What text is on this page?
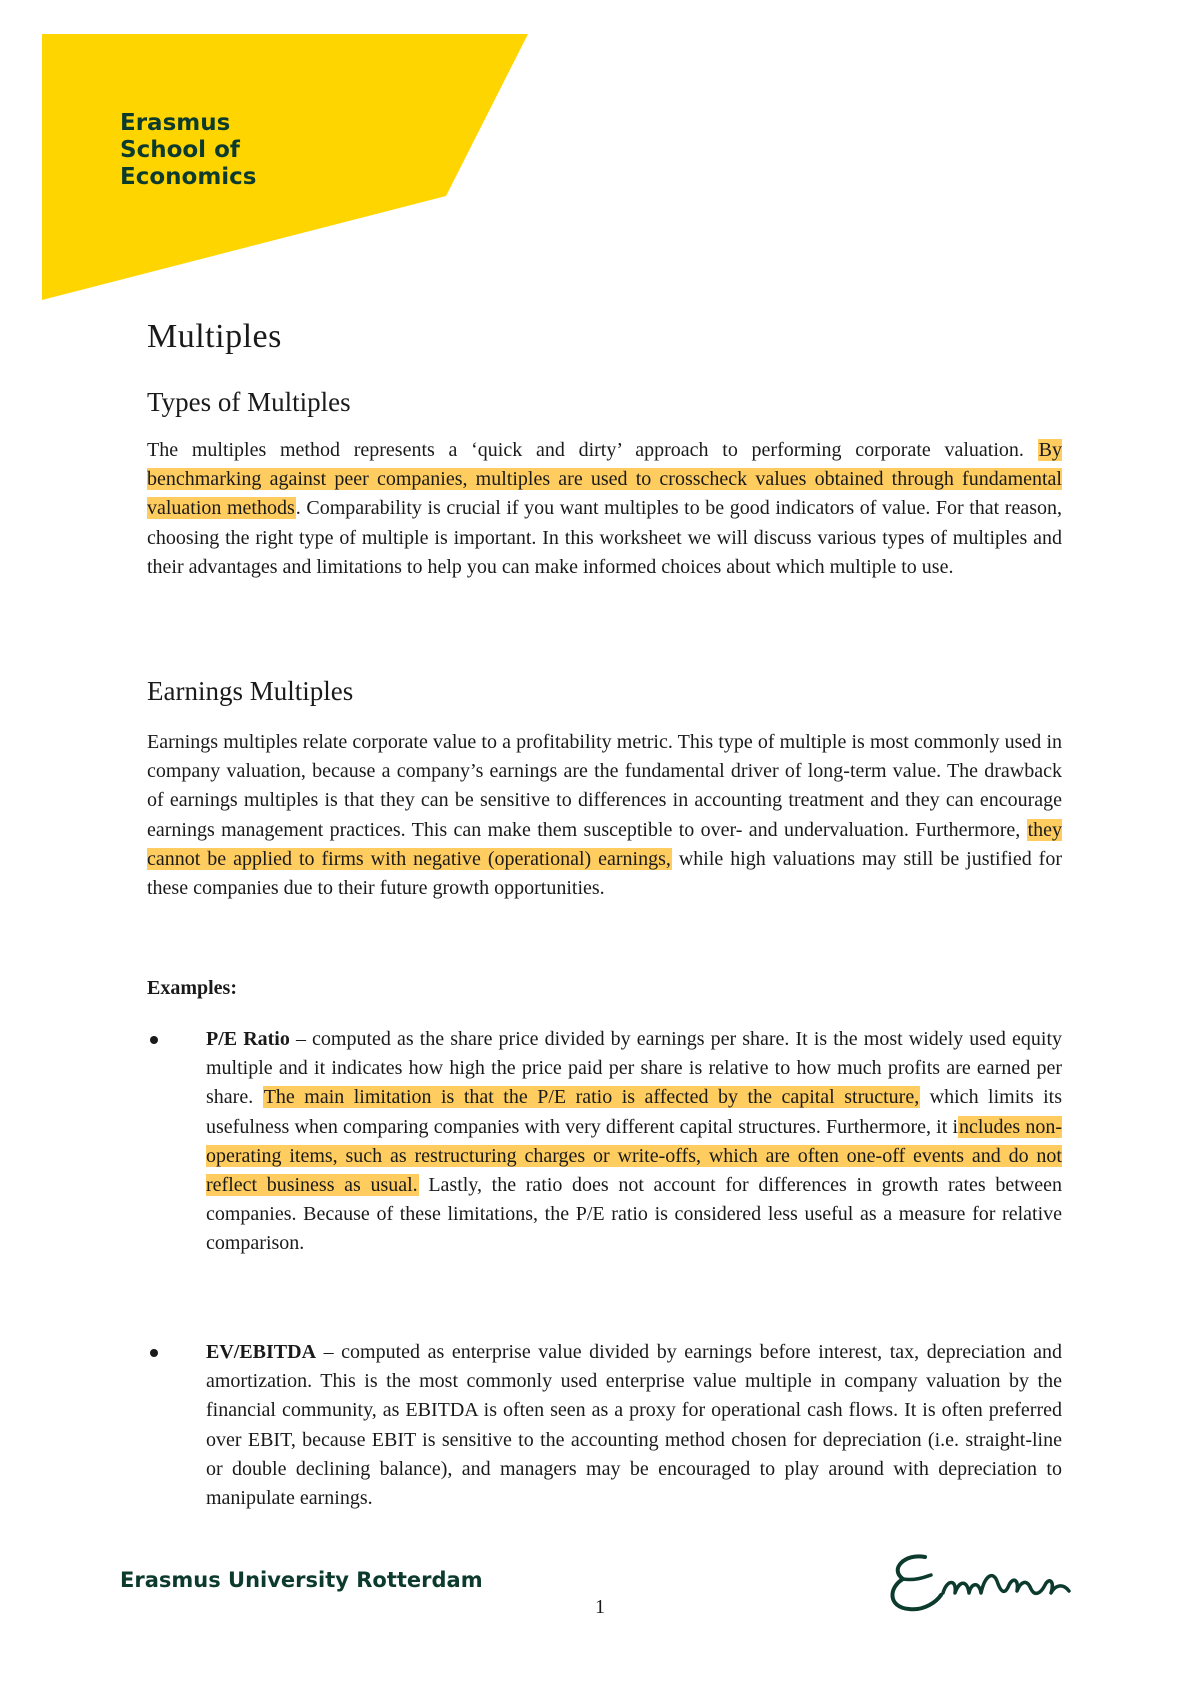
Erasmus
School of
Economics
Multiples
Types of Multiples

The multiples method represents a ‘quick and dirty’ approach to performing corporate valuation. By benchmarking against peer companies, multiples are used to crosscheck values obtained through fundamental valuation methods. Comparability is crucial if you want multiples to be good indicators of value. For that reason, choosing the right type of multiple is important. In this worksheet we will discuss various types of multiples and their advantages and limitations to help you can make informed choices about which multiple to use.

Earnings Multiples

Earnings multiples relate corporate value to a profitability metric. This type of multiple is most commonly used in company valuation, because a company’s earnings are the fundamental driver of long-term value. The drawback of earnings multiples is that they can be sensitive to differences in accounting treatment and they can encourage earnings management practices. This can make them susceptible to over- and undervaluation. Furthermore, they cannot be applied to firms with negative (operational) earnings, while high valuations may still be justified for these companies due to their future growth opportunities.

Examples:

P/E Ratio – computed as the share price divided by earnings per share. It is the most widely used equity multiple and it indicates how high the price paid per share is relative to how much profits are earned per share. The main limitation is that the P/E ratio is affected by the capital structure, which limits its usefulness when comparing companies with very different capital structures. Furthermore, it includes non-operating items, such as restructuring charges or write-offs, which are often one-off events and do not reflect business as usual. Lastly, the ratio does not account for differences in growth rates between companies. Because of these limitations, the P/E ratio is considered less useful as a measure for relative comparison.

EV/EBITDA – computed as enterprise value divided by earnings before interest, tax, depreciation and amortization. This is the most commonly used enterprise value multiple in company valuation by the financial community, as EBITDA is often seen as a proxy for operational cash flows. It is often preferred over EBIT, because EBIT is sensitive to the accounting method chosen for depreciation (i.e. straight-line or double declining balance), and managers may be encouraged to play around with depreciation to manipulate earnings.

Erasmus University Rotterdam
1
